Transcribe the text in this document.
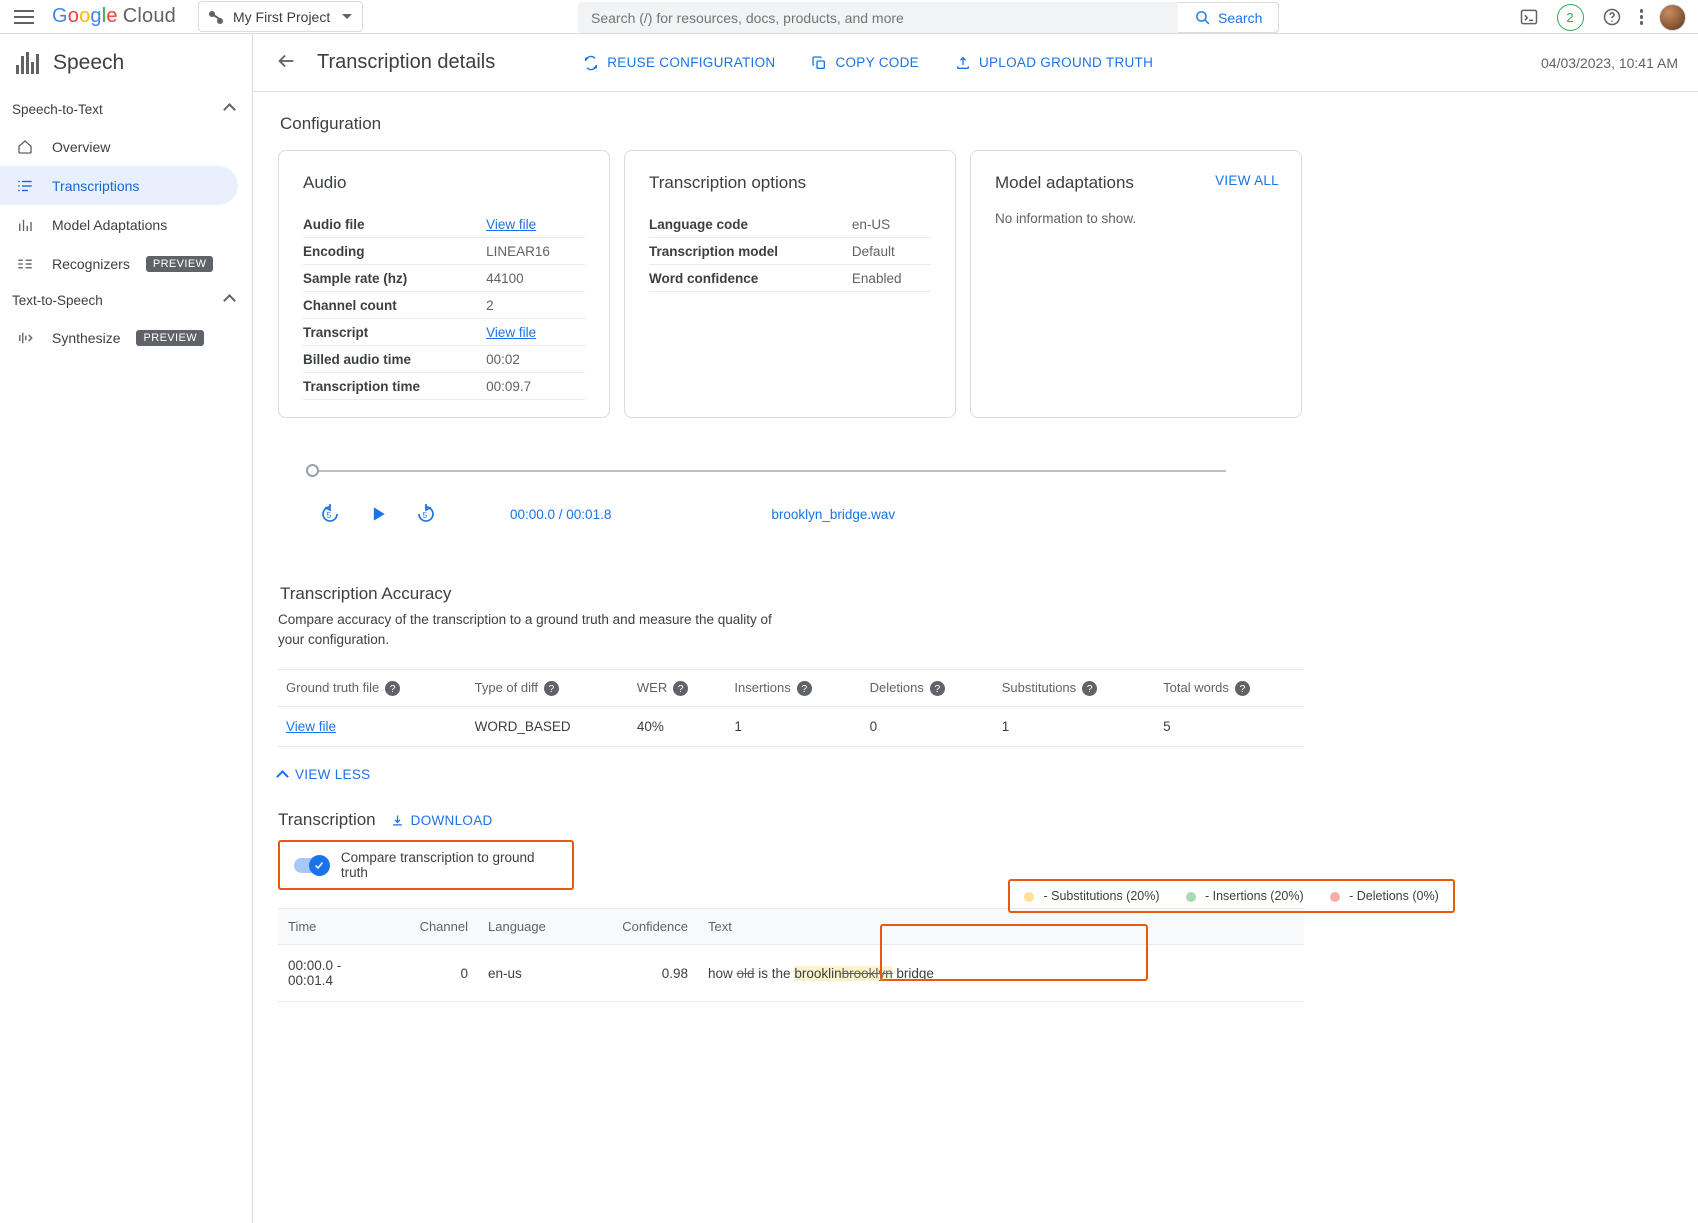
Google Cloud	My First Project
Search (/) for resources, docs, products, and more	Search	2
Speech
Speech-to-Text
Overview
Transcriptions
Model Adaptations
Recognizers	PREVIEW
Text-to-Speech
Synthesize	PREVIEW
Transcription details	REUSE CONFIGURATION	COPY CODE	UPLOAD GROUND TRUTH	04/03/2023, 10:41 AM
Configuration
Audio
Audio file	View file
Encoding	LINEAR16
Sample rate (hz)	44100
Channel count	2
Transcript	View file
Billed audio time	00:02
Transcription time	00:09.7
Transcription options
Language code	en-US
Transcription model	Default
Word confidence	Enabled
Model adaptations	VIEW ALL
No information to show.
5	5	00:00.0 / 00:01.8	brooklyn_bridge.wav
Transcription Accuracy

Compare accuracy of the transcription to a ground truth and measure the quality of your configuration.

Ground truth file ?	Type of diff ?	WER ?	Insertions ?	Deletions ?	Substitutions ?	Total words ?
View file	WORD_BASED	40%	1	0	1	5
VIEW LESS
Transcription	DOWNLOAD
Compare transcription to ground truth
- Substitutions (20%)	- Insertions (20%)	- Deletions (0%)
Time	Channel	Language	Confidence	Text
00:00.0 - 00:01.4	0	en-us	0.98	how old is the brooklinbrooklyn bridge
